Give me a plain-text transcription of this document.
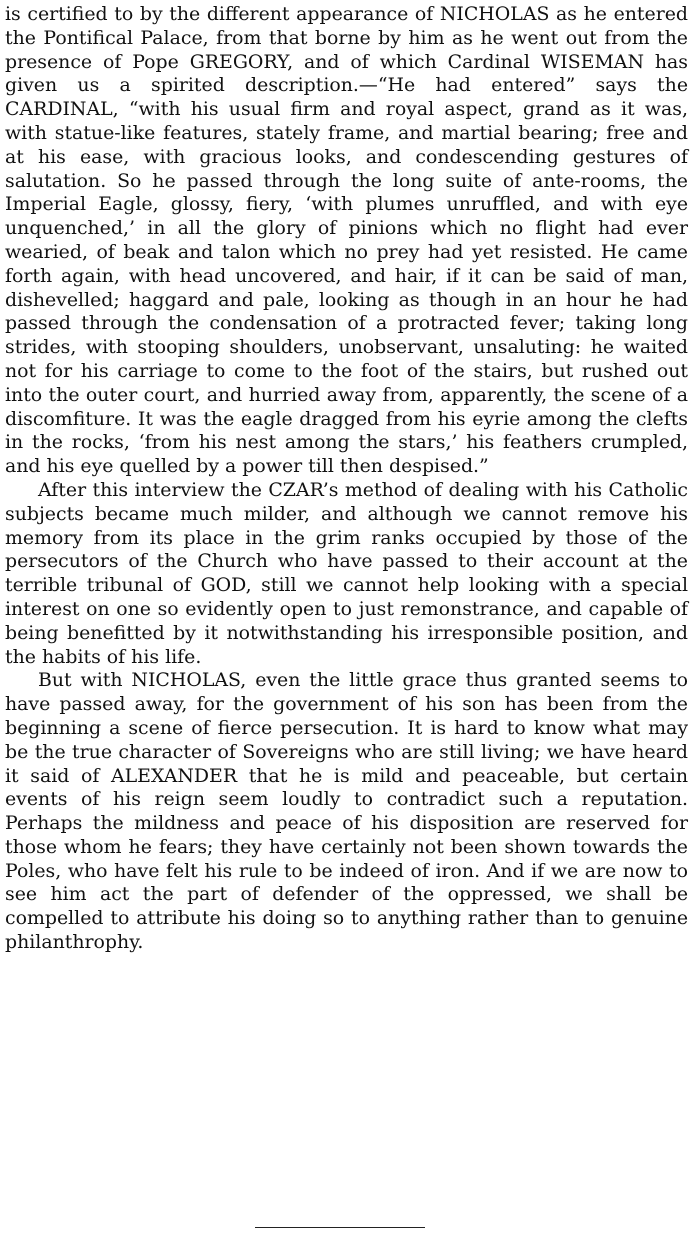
is certified to by the different appearance of NICHOLAS as he entered the Pontifical Palace, from that borne by him as he went out from the presence of Pope GREGORY, and of which Cardinal WISEMAN has given us a spirited description.—“He had entered” says the CARDINAL, “with his usual firm and royal aspect, grand as it was, with statue-like features, stately frame, and martial bearing; free and at his ease, with gracious looks, and condescending gestures of salutation. So he passed through the long suite of ante-rooms, the Imperial Eagle, glossy, fiery, ‘with plumes unruffled, and with eye unquenched,’ in all the glory of pinions which no flight had ever wearied, of beak and talon which no prey had yet resisted. He came forth again, with head uncovered, and hair, if it can be said of man, dishevelled; haggard and pale, looking as though in an hour he had passed through the condensation of a protracted fever; taking long strides, with stooping shoulders, unobservant, unsaluting: he waited not for his carriage to come to the foot of the stairs, but rushed out into the outer court, and hurried away from, apparently, the scene of a discomfiture. It was the eagle dragged from his eyrie among the clefts in the rocks, ‘from his nest among the stars,’ his feathers crumpled, and his eye quelled by a power till then despised.”

After this interview the CZAR’s method of dealing with his Catholic subjects became much milder, and although we cannot remove his memory from its place in the grim ranks occupied by those of the persecutors of the Church who have passed to their account at the terrible tribunal of GOD, still we cannot help looking with a special interest on one so evidently open to just remonstrance, and capable of being benefitted by it notwithstanding his irresponsible position, and the habits of his life.

But with NICHOLAS, even the little grace thus granted seems to have passed away, for the government of his son has been from the beginning a scene of fierce persecution. It is hard to know what may be the true character of Sovereigns who are still living; we have heard it said of ALEXANDER that he is mild and peaceable, but certain events of his reign seem loudly to contradict such a reputation. Perhaps the mildness and peace of his disposition are reserved for those whom he fears; they have certainly not been shown towards the Poles, who have felt his rule to be indeed of iron. And if we are now to see him act the part of defender of the oppressed, we shall be compelled to attribute his doing so to anything rather than to genuine philanthrophy.
